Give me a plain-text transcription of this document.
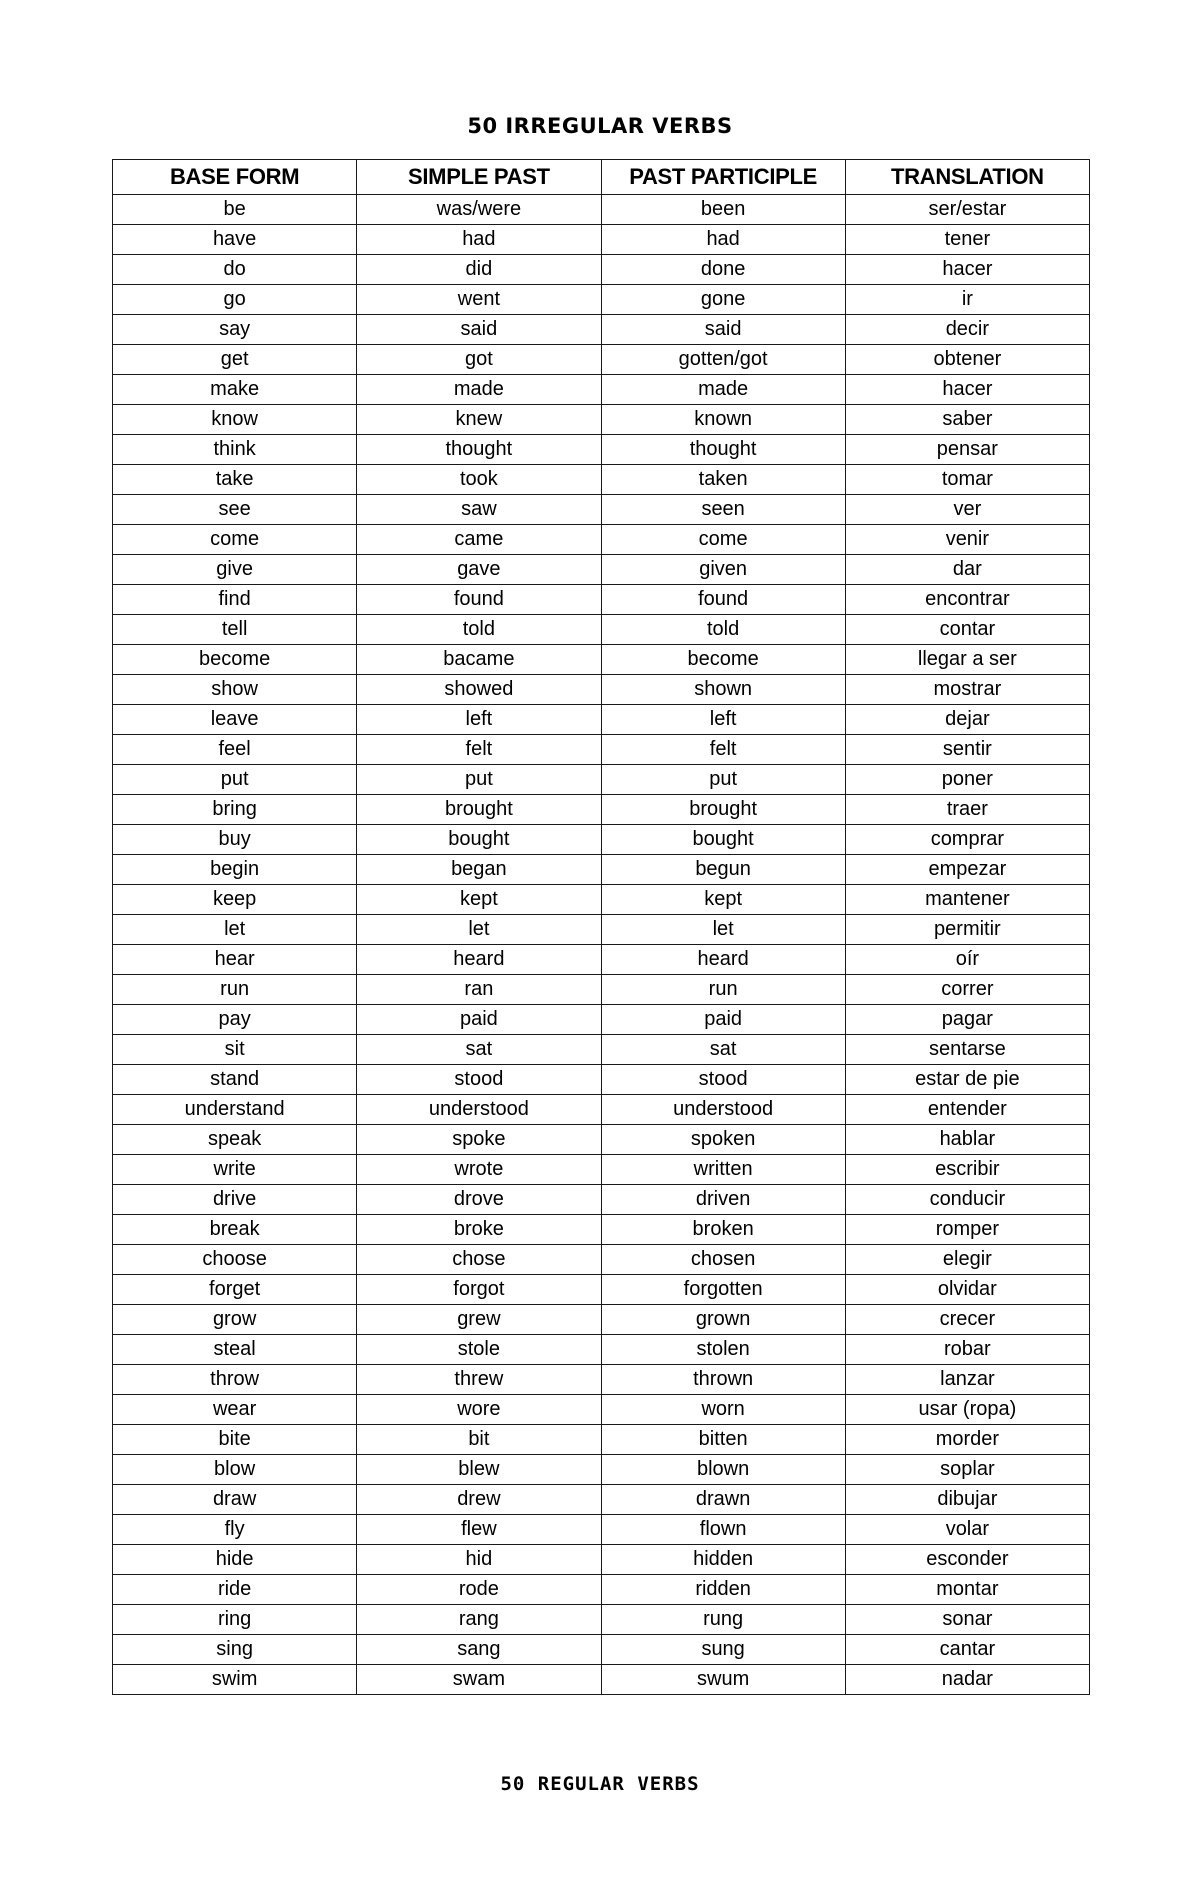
50 IRREGULAR VERBS
BASE FORM	SIMPLE PAST	PAST PARTICIPLE	TRANSLATION
be	was/were	been	ser/estar
have	had	had	tener
do	did	done	hacer
go	went	gone	ir
say	said	said	decir
get	got	gotten/got	obtener
make	made	made	hacer
know	knew	known	saber
think	thought	thought	pensar
take	took	taken	tomar
see	saw	seen	ver
come	came	come	venir
give	gave	given	dar
find	found	found	encontrar
tell	told	told	contar
become	bacame	become	llegar a ser
show	showed	shown	mostrar
leave	left	left	dejar
feel	felt	felt	sentir
put	put	put	poner
bring	brought	brought	traer
buy	bought	bought	comprar
begin	began	begun	empezar
keep	kept	kept	mantener
let	let	let	permitir
hear	heard	heard	oír
run	ran	run	correr
pay	paid	paid	pagar
sit	sat	sat	sentarse
stand	stood	stood	estar de pie
understand	understood	understood	entender
speak	spoke	spoken	hablar
write	wrote	written	escribir
drive	drove	driven	conducir
break	broke	broken	romper
choose	chose	chosen	elegir
forget	forgot	forgotten	olvidar
grow	grew	grown	crecer
steal	stole	stolen	robar
throw	threw	thrown	lanzar
wear	wore	worn	usar (ropa)
bite	bit	bitten	morder
blow	blew	blown	soplar
draw	drew	drawn	dibujar
fly	flew	flown	volar
hide	hid	hidden	esconder
ride	rode	ridden	montar
ring	rang	rung	sonar
sing	sang	sung	cantar
swim	swam	swum	nadar
50 REGULAR VERBS
